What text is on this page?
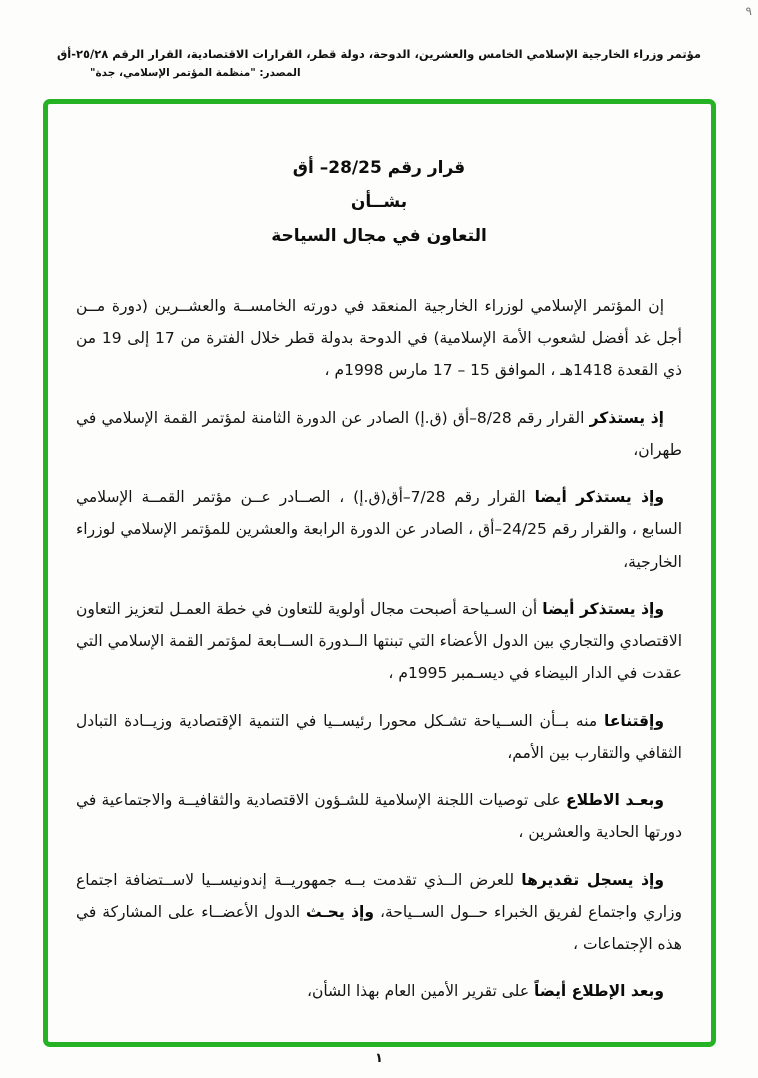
٩
مؤتمر وزراء الخارجية الإسلامي الخامس والعشرين، الدوحة، دولة قطر، القرارات الاقتصادية، القرار الرقم ٢٥/٢٨-أق
المصدر: "منظمة المؤتمر الإسلامي، جدة"
قرار رقم 28/25– أق
بشــأن
التعاون في مجال السياحة

إن المؤتمر الإسلامي لوزراء الخارجية المنعقد في دورته الخامســة والعشــرين (دورة مــن أجل غد أفضل لشعوب الأمة الإسلامية) في الدوحة بدولة قطر خلال الفترة من 17 إلى 19 من ذي القعدة 1418هـ ، الموافق 15 – 17 مارس 1998م ،

إذ يستذكر القرار رقم 8/28–أق (ق.إ) الصادر عن الدورة الثامنة لمؤتمر القمة الإسلامي في طهران،

وإذ يستذكر أيضا القرار رقم 7/28–أق(ق.إ) ، الصــادر عــن مؤتمر القمــة الإسلامي السابع ، والقرار رقم 24/25–أق ، الصادر عن الدورة الرابعة والعشرين للمؤتمر الإسلامي لوزراء الخارجية،

وإذ يستذكر أيضا أن السـياحة أصبحت مجال أولوية للتعاون في خطة العمـل لتعزيز التعاون الاقتصادي والتجاري بين الدول الأعضاء التي تبنتها الــدورة الســابعة لمؤتمر القمة الإسلامي التي عقدت في الدار البيضاء في ديسـمبر 1995م ،

وإقتناعا منه بــأن الســياحة تشـكل محورا رئيســيا في التنمية الإقتصادية وزيــادة التبادل الثقافي والتقارب بين الأمم،

وبعـد الاطلاع على توصيات اللجنة الإسلامية للشـؤون الاقتصادية والثقافيــة والاجتماعية في دورتها الحادية والعشرين ،

وإذ يسجل تقديرها للعرض الــذي تقدمت بــه جمهوريــة إندونيســيا لاســتضافة اجتماع وزاري واجتماع لفريق الخبراء حــول الســياحة، وإذ يحـث الدول الأعضــاء على المشاركة في هذه الإجتماعات ،

وبعد الإطلاع أيضاً على تقرير الأمين العام بهذا الشأن،

١
